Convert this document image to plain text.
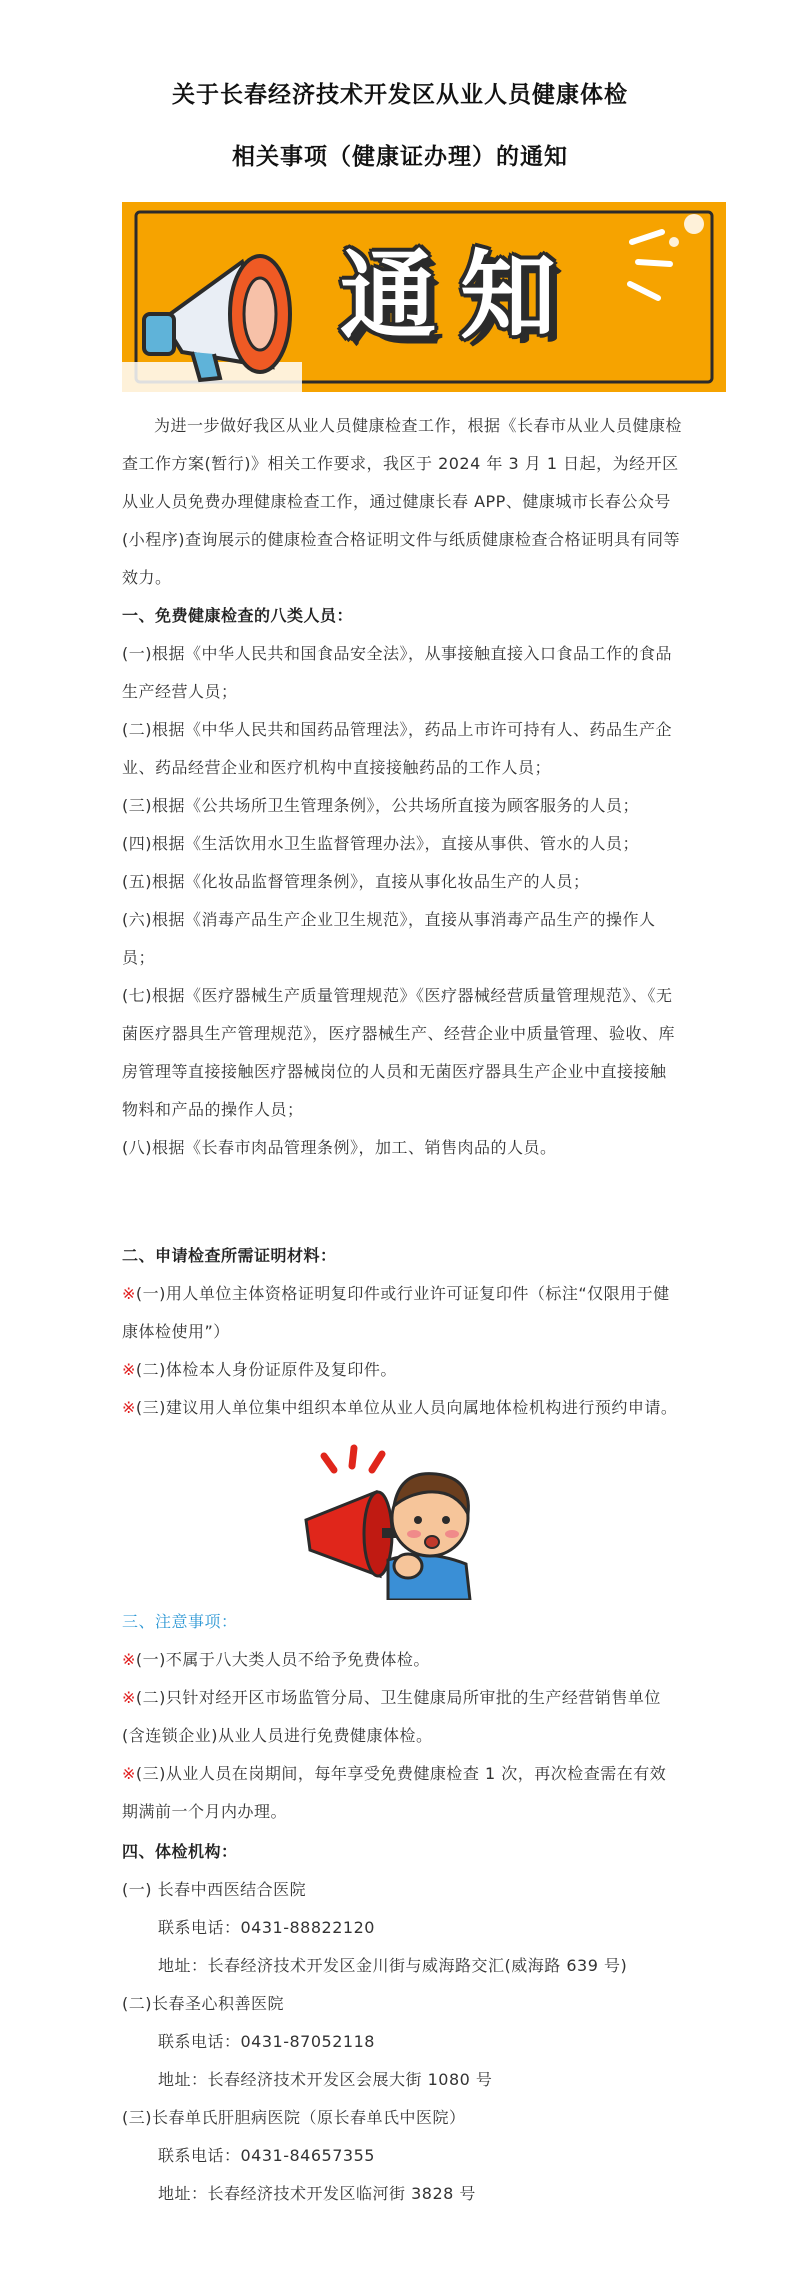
关于长春经济技术开发区从业人员健康体检
相关事项（健康证办理）的通知
通知
为进一步做好我区从业人员健康检查工作，根据《长春市从业人员健康检查工作方案(暂行)》相关工作要求，我区于 2024 年 3 月 1 日起，为经开区从业人员免费办理健康检查工作，通过健康长春 APP、健康城市长春公众号(小程序)查询展示的健康检查合格证明文件与纸质健康检查合格证明具有同等效力。
一、免费健康检查的八类人员：
(一)根据《中华人民共和国食品安全法》，从事接触直接入口食品工作的食品生产经营人员；
(二)根据《中华人民共和国药品管理法》，药品上市许可持有人、药品生产企业、药品经营企业和医疗机构中直接接触药品的工作人员；
(三)根据《公共场所卫生管理条例》，公共场所直接为顾客服务的人员；
(四)根据《生活饮用水卫生监督管理办法》，直接从事供、管水的人员；
(五)根据《化妆品监督管理条例》，直接从事化妆品生产的人员；
(六)根据《消毒产品生产企业卫生规范》，直接从事消毒产品生产的操作人员；
(七)根据《医疗器械生产质量管理规范》《医疗器械经营质量管理规范》、《无菌医疗器具生产管理规范》，医疗器械生产、经营企业中质量管理、验收、库房管理等直接接触医疗器械岗位的人员和无菌医疗器具生产企业中直接接触物料和产品的操作人员；
(八)根据《长春市肉品管理条例》，加工、销售肉品的人员。
二、申请检查所需证明材料：
※(一)用人单位主体资格证明复印件或行业许可证复印件（标注“仅限用于健康体检使用”）
※(二)体检本人身份证原件及复印件。
※(三)建议用人单位集中组织本单位从业人员向属地体检机构进行预约申请。
三、注意事项：
※(一)不属于八大类人员不给予免费体检。
※(二)只针对经开区市场监管分局、卫生健康局所审批的生产经营销售单位(含连锁企业)从业人员进行免费健康体检。
※(三)从业人员在岗期间，每年享受免费健康检查 1 次，再次检查需在有效期满前一个月内办理。
四、体检机构：
(一) 长春中西医结合医院
联系电话：0431-88822120
地址：长春经济技术开发区金川街与威海路交汇(威海路 639 号)
(二)长春圣心积善医院
联系电话：0431-87052118
地址：长春经济技术开发区会展大街 1080 号
(三)长春单氏肝胆病医院（原长春单氏中医院）
联系电话：0431-84657355
地址：长春经济技术开发区临河街 3828 号
